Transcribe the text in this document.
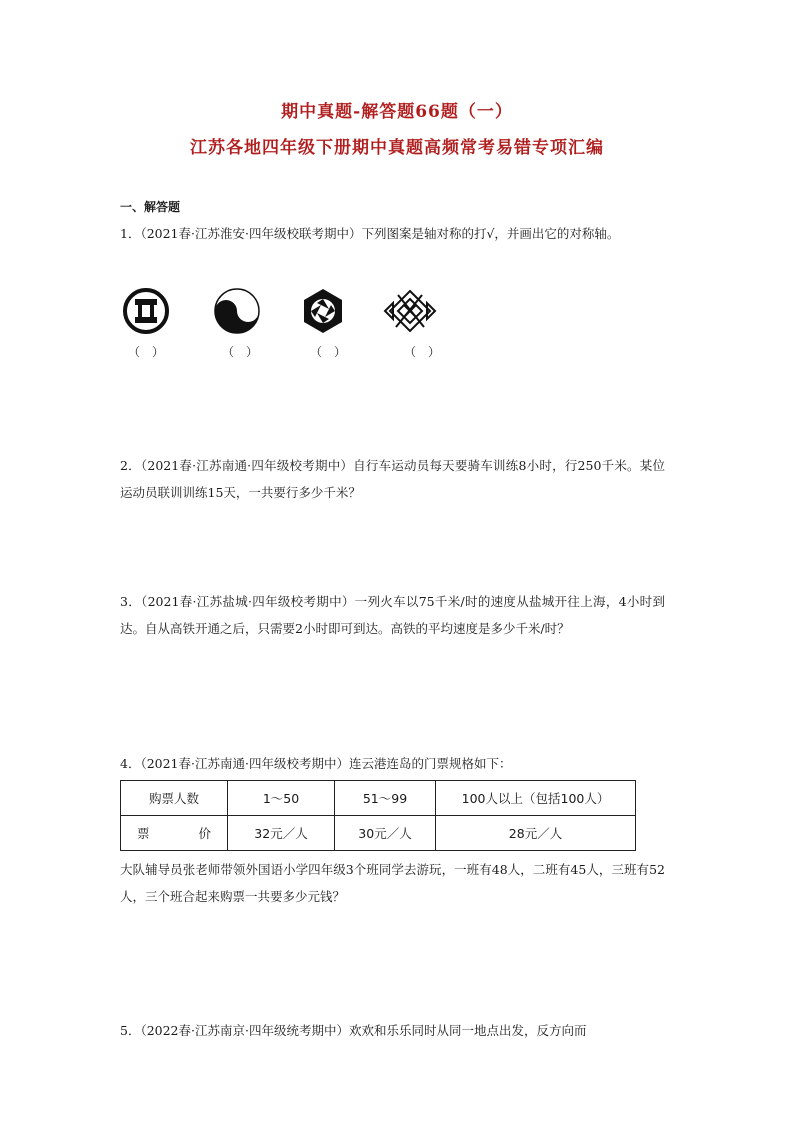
期中真题-解答题66题（一）
江苏各地四年级下册期中真题高频常考易错专项汇编
一、解答题
1．（2021春·江苏淮安·四年级校联考期中）下列图案是轴对称的打√，并画出它的对称轴。
（　）	（　）	（　）	（　）
2．（2021春·江苏南通·四年级校考期中）自行车运动员每天要骑车训练8小时，行250千米。某位运动员联训训练15天，一共要行多少千米？
3．（2021春·江苏盐城·四年级校考期中）一列火车以75千米/时的速度从盐城开往上海，4小时到达。自从高铁开通之后，只需要2小时即可到达。高铁的平均速度是多少千米/时？
4．（2021春·江苏南通·四年级校考期中）连云港连岛的门票规格如下：
购票人数	1～50	51～99	100人以上（包括100人）

票 价	32元／人	30元／人	28元／人
大队辅导员张老师带领外国语小学四年级3个班同学去游玩，一班有48人，二班有45人，三班有52人，三个班合起来购票一共要多少元钱？
5．（2022春·江苏南京·四年级统考期中）欢欢和乐乐同时从同一地点出发，反方向而
